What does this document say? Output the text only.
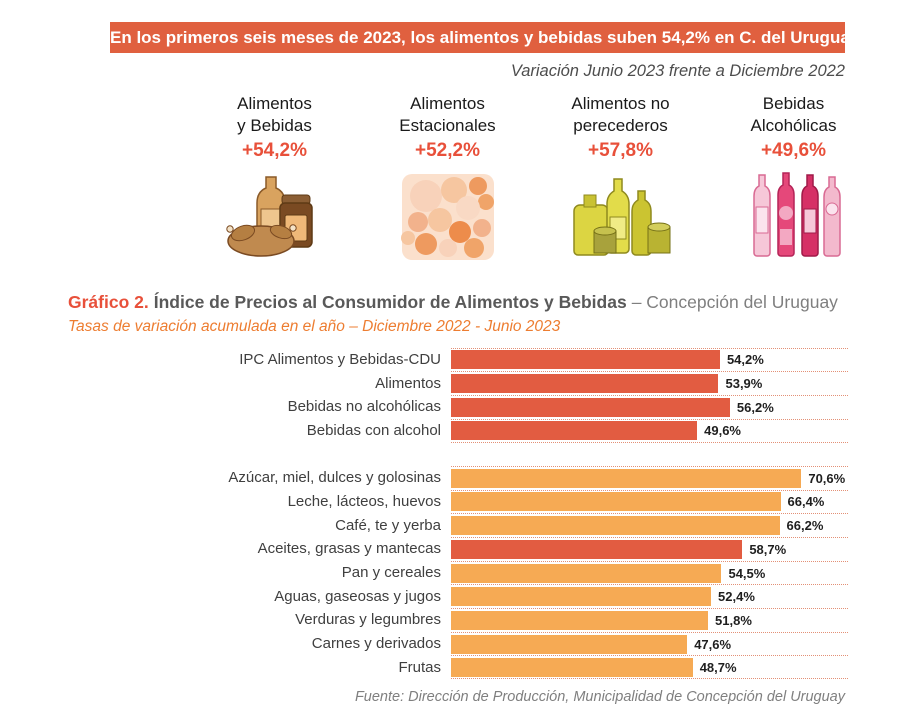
En los primeros seis meses de 2023, los alimentos y bebidas suben 54,2% en C. del Uruguay
Variación Junio 2023 frente a Diciembre 2022
Alimentos
y Bebidas
+54,2%
Alimentos
Estacionales
+52,2%
Alimentos no
perecederos
+57,8%
Bebidas
Alcohólicas
+49,6%
Gráfico 2. Índice de Precios al Consumidor de Alimentos y Bebidas – Concepción del Uruguay
Tasas de variación acumulada en el año – Diciembre 2022 - Junio 2023
IPC Alimentos y Bebidas-CDU	54,2%
Alimentos	53,9%
Bebidas no alcohólicas	56,2%
Bebidas con alcohol	49,6%
Azúcar, miel, dulces y golosinas	70,6%
Leche, lácteos, huevos	66,4%
Café, te y yerba	66,2%
Aceites, grasas y mantecas	58,7%
Pan y cereales	54,5%
Aguas, gaseosas y jugos	52,4%
Verduras y legumbres	51,8%
Carnes y derivados	47,6%
Frutas	48,7%
Fuente: Dirección de Producción, Municipalidad de Concepción del Uruguay
